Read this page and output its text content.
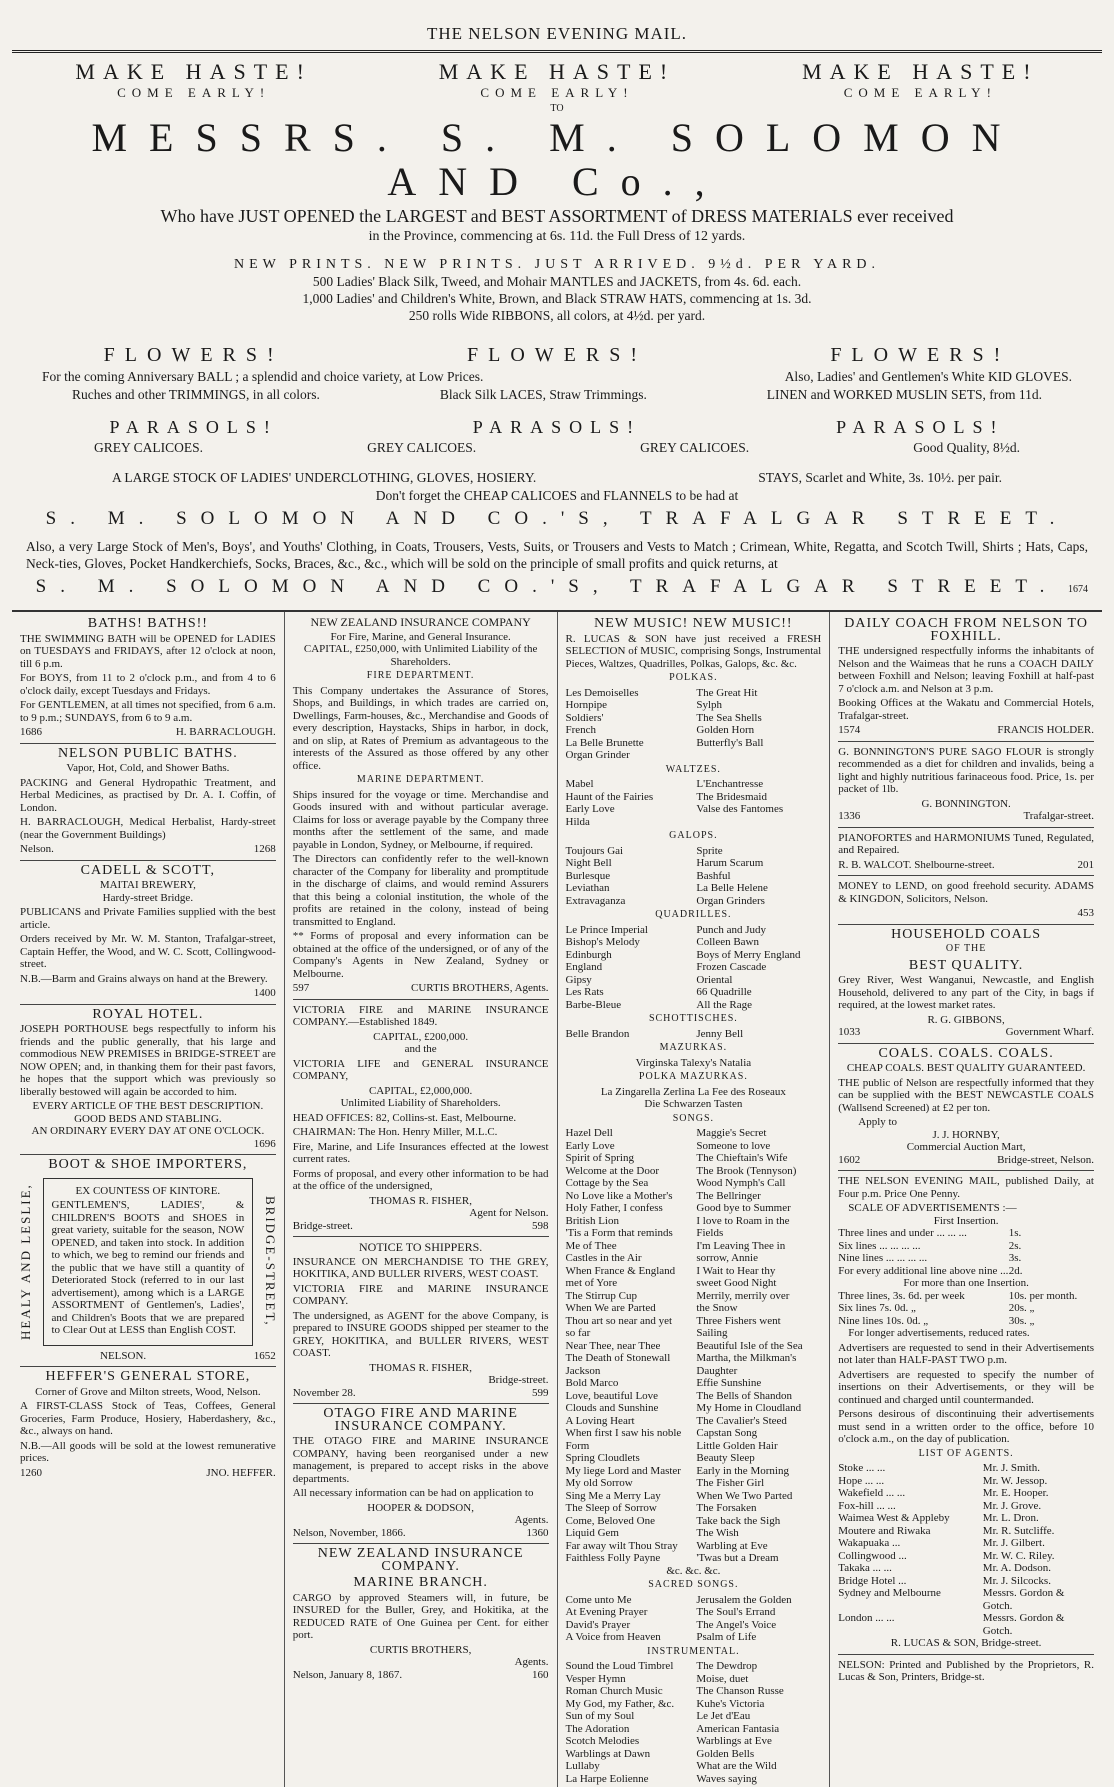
THE NELSON EVENING MAIL.
MAKE HASTE!	MAKE HASTE!	MAKE HASTE!
COME EARLY!	COME EARLY!	COME EARLY!
TO
MESSRS. S. M. SOLOMON AND Co.,
Who have JUST OPENED the LARGEST and BEST ASSORTMENT of DRESS MATERIALS ever received
in the Province, commencing at 6s. 11d. the Full Dress of 12 yards.
NEW PRINTS. NEW PRINTS. JUST ARRIVED. 9½d. PER YARD.
500 Ladies' Black Silk, Tweed, and Mohair MANTLES and JACKETS, from 4s. 6d. each.
1,000 Ladies' and Children's White, Brown, and Black STRAW HATS, commencing at 1s. 3d.
250 rolls Wide RIBBONS, all colors, at 4½d. per yard.
FLOWERS!	FLOWERS!	FLOWERS!
For the coming Anniversary BALL ; a splendid and choice variety, at Low Prices.	Also, Ladies' and Gentlemen's White KID GLOVES.
Ruches and other TRIMMINGS, in all colors.	Black Silk LACES, Straw Trimmings.	LINEN and WORKED MUSLIN SETS, from 11d.
PARASOLS!	PARASOLS!	PARASOLS!
GREY CALICOES.	GREY CALICOES.	GREY CALICOES.	Good Quality, 8½d.
A LARGE STOCK OF LADIES' UNDERCLOTHING, GLOVES, HOSIERY.	STAYS, Scarlet and White, 3s. 10½. per pair.
Don't forget the CHEAP CALICOES and FLANNELS to be had at
S. M. SOLOMON AND CO.'S, TRAFALGAR STREET.
Also, a very Large Stock of Men's, Boys', and Youths' Clothing, in Coats, Trousers, Vests, Suits, or Trousers and Vests to Match ; Crimean, White, Regatta, and Scotch Twill, Shirts ; Hats, Caps, Neck-ties, Gloves, Pocket Handkerchiefs, Socks, Braces, &c., &c., which will be sold on the principle of small profits and quick returns, at
S. M. SOLOMON AND CO.'S, TRAFALGAR STREET. 1674
BATHS! BATHS!!

THE SWIMMING BATH will be OPENED for LADIES on TUESDAYS and FRIDAYS, after 12 o'clock at noon, till 6 p.m.

For BOYS, from 11 to 2 o'clock p.m., and from 4 to 6 o'clock daily, except Tuesdays and Fridays.

For GENTLEMEN, at all times not specified, from 6 a.m. to 9 p.m.; SUNDAYS, from 6 to 9 a.m.

1686	H. BARRACLOUGH.
NELSON PUBLIC BATHS.
Vapor, Hot, Cold, and Shower Baths.

PACKING and General Hydropathic Treatment, and Herbal Medicines, as practised by Dr. A. I. Coffin, of London.

H. BARRACLOUGH, Medical Herbalist, Hardy-street (near the Government Buildings)

Nelson.	1268
CADELL & SCOTT,
MAITAI BREWERY,
Hardy-street Bridge.

PUBLICANS and Private Families supplied with the best article.

Orders received by Mr. W. M. Stanton, Trafalgar-street, Captain Heffer, the Wood, and W. C. Scott, Collingwood-street.

N.B.—Barm and Grains always on hand at the Brewery.

1400
ROYAL HOTEL.

JOSEPH PORTHOUSE begs respectfully to inform his friends and the public generally, that his large and commodious NEW PREMISES in BRIDGE-STREET are NOW OPEN; and, in thanking them for their past favors, he hopes that the support which was previously so liberally bestowed will again be accorded to him.

EVERY ARTICLE OF THE BEST DESCRIPTION.
GOOD BEDS AND STABLING.
AN ORDINARY EVERY DAY AT ONE O'CLOCK.
1696
BOOT & SHOE IMPORTERS,
HEALY AND LESLIE,	EX COUNTESS OF KINTORE.

GENTLEMEN'S, LADIES', & CHILDREN'S BOOTS and SHOES in great variety, suitable for the season, NOW OPENED, and taken into stock. In addition to which, we beg to remind our friends and the public that we have still a quantity of Deteriorated Stock (referred to in our last advertisement), among which is a LARGE ASSORTMENT of Gentlemen's, Ladies', and Children's Boots that we are prepared to Clear Out at LESS than English COST.

BRIDGE-STREET,
NELSON.	1652
HEFFER'S GENERAL STORE,
Corner of Grove and Milton streets, Wood, Nelson.

A FIRST-CLASS Stock of Teas, Coffees, General Groceries, Farm Produce, Hosiery, Haberdashery, &c., &c., always on hand.

N.B.—All goods will be sold at the lowest remunerative prices.

1260	JNO. HEFFER.
NEW ZEALAND INSURANCE COMPANY
For Fire, Marine, and General Insurance.
CAPITAL, £250,000, with Unlimited Liability of the Shareholders.
FIRE DEPARTMENT.

This Company undertakes the Assurance of Stores, Shops, and Buildings, in which trades are carried on, Dwellings, Farm-houses, &c., Merchandise and Goods of every description, Haystacks, Ships in harbor, in dock, and on slip, at Rates of Premium as advantageous to the interests of the Assured as those offered by any other office.

MARINE DEPARTMENT.

Ships insured for the voyage or time. Merchandise and Goods insured with and without particular average. Claims for loss or average payable by the Company three months after the settlement of the same, and made payable in London, Sydney, or Melbourne, if required.

The Directors can confidently refer to the well-known character of the Company for liberality and promptitude in the discharge of claims, and would remind Assurers that this being a colonial institution, the whole of the profits are retained in the colony, instead of being transmitted to England.

** Forms of proposal and every information can be obtained at the office of the undersigned, or of any of the Company's Agents in New Zealand, Sydney or Melbourne.

597	CURTIS BROTHERS, Agents.

VICTORIA FIRE and MARINE INSURANCE COMPANY.—Established 1849.

CAPITAL, £200,000.
and the

VICTORIA LIFE and GENERAL INSURANCE COMPANY,

CAPITAL, £2,000,000.
Unlimited Liability of Shareholders.

HEAD OFFICES: 82, Collins-st. East, Melbourne.

CHAIRMAN: The Hon. Henry Miller, M.L.C.

Fire, Marine, and Life Insurances effected at the lowest current rates.

Forms of proposal, and every other information to be had at the office of the undersigned,

THOMAS R. FISHER,
Agent for Nelson.
Bridge-street.	598
NOTICE TO SHIPPERS.

INSURANCE ON MERCHANDISE TO THE GREY, HOKITIKA, AND BULLER RIVERS, WEST COAST.

VICTORIA FIRE and MARINE INSURANCE COMPANY.

The undersigned, as AGENT for the above Company, is prepared to INSURE GOODS shipped per steamer to the GREY, HOKITIKA, and BULLER RIVERS, WEST COAST.

THOMAS R. FISHER,
Bridge-street.
November 28.	599
OTAGO FIRE AND MARINE INSURANCE COMPANY.

THE OTAGO FIRE and MARINE INSURANCE COMPANY, having been reorganised under a new management, is prepared to accept risks in the above departments.

All necessary information can be had on application to

HOOPER & DODSON,
Agents.
Nelson, November, 1866.	1360
NEW ZEALAND INSURANCE COMPANY.
MARINE BRANCH.

CARGO by approved Steamers will, in future, be INSURED for the Buller, Grey, and Hokitika, at the REDUCED RATE of One Guinea per Cent. for either port.

CURTIS BROTHERS,
Agents.
Nelson, January 8, 1867.	160
NEW MUSIC! NEW MUSIC!!

R. LUCAS & SON have just received a FRESH SELECTION of MUSIC, comprising Songs, Instrumental Pieces, Waltzes, Quadrilles, Polkas, Galops, &c. &c.

POLKAS.
Les Demoiselles	The Great Hit
Hornpipe	Sylph
Soldiers'	The Sea Shells
French	Golden Horn
La Belle Brunette	Butterfly's Ball
Organ Grinder
WALTZES.
Mabel	L'Enchantresse
Haunt of the Fairies	The Bridesmaid
Early Love	Valse des Fantomes
Hilda
GALOPS.
Toujours Gai	Sprite
Night Bell	Harum Scarum
Burlesque	Bashful
Leviathan	La Belle Helene
Extravaganza	Organ Grinders
QUADRILLES.
Le Prince Imperial	Punch and Judy
Bishop's Melody	Colleen Bawn
Edinburgh	Boys of Merry England
England	Frozen Cascade
Gipsy	Oriental
Les Rats	66 Quadrille
Barbe-Bleue	All the Rage
SCHOTTISCHES.
Belle Brandon	Jenny Bell
MAZURKAS.
Virginska Talexy's Natalia
POLKA MAZURKAS.
La Zingarella Zerlina La Fee des Roseaux
Die Schwarzen Tasten
SONGS.
Hazel Dell	Maggie's Secret
Early Love	Someone to love
Spirit of Spring	The Chieftain's Wife
Welcome at the Door	The Brook (Tennyson)
Cottage by the Sea	Wood Nymph's Call
No Love like a Mother's	The Bellringer
Holy Father, I confess	Good bye to Summer
British Lion	I love to Roam in the
'Tis a Form that reminds	Fields
Me of Thee	I'm Leaving Thee in
Castles in the Air	sorrow, Annie
When France & England	I Wait to Hear thy
met of Yore	sweet Good Night
The Stirrup Cup	Merrily, merrily over
When We are Parted	the Snow
Thou art so near and yet	Three Fishers went
so far	Sailing
Near Thee, near Thee	Beautiful Isle of the Sea
The Death of Stonewall	Martha, the Milkman's
Jackson	Daughter
Bold Marco	Effie Sunshine
Love, beautiful Love	The Bells of Shandon
Clouds and Sunshine	My Home in Cloudland
A Loving Heart	The Cavalier's Steed
When first I saw his noble	Capstan Song
Form	Little Golden Hair
Spring Cloudlets	Beauty Sleep
My liege Lord and Master	Early in the Morning
My old Sorrow	The Fisher Girl
Sing Me a Merry Lay	When We Two Parted
The Sleep of Sorrow	The Forsaken
Come, Beloved One	Take back the Sigh
Liquid Gem	The Wish
Far away wilt Thou Stray	Warbling at Eve
Faithless Folly Payne	'Twas but a Dream
&c. &c. &c.
SACRED SONGS.
Come unto Me	Jerusalem the Golden
At Evening Prayer	The Soul's Errand
David's Prayer	The Angel's Voice
A Voice from Heaven	Psalm of Life
INSTRUMENTAL.
Sound the Loud Timbrel	The Dewdrop
Vesper Hymn	Moise, duet
Roman Church Music	The Chanson Russe
My God, my Father, &c.	Kuhe's Victoria
Sun of my Soul	Le Jet d'Eau
The Adoration	American Fantasia
Scotch Melodies	Warblings at Eve
Warblings at Dawn	Golden Bells
Lullaby	What are the Wild
La Harpe Eolienne	Waves saying
DAILY COACH FROM NELSON TO FOXHILL.

THE undersigned respectfully informs the inhabitants of Nelson and the Waimeas that he runs a COACH DAILY between Foxhill and Nelson; leaving Foxhill at half-past 7 o'clock a.m. and Nelson at 3 p.m.

Booking Offices at the Wakatu and Commercial Hotels, Trafalgar-street.

1574	FRANCIS HOLDER.

G. BONNINGTON'S PURE SAGO FLOUR is strongly recommended as a diet for children and invalids, being a light and highly nutritious farinaceous food. Price, 1s. per packet of 1lb.

G. BONNINGTON.
1336	Trafalgar-street.

PIANOFORTES and HARMONIUMS Tuned, Regulated, and Repaired.

R. B. WALCOT. Shelbourne-street.	201

MONEY to LEND, on good freehold security. ADAMS & KINGDON, Solicitors, Nelson.

453
HOUSEHOLD COALS
OF THE
BEST QUALITY.

Grey River, West Wanganui, Newcastle, and English Household, delivered to any part of the City, in bags if required, at the lowest market rates.

R. G. GIBBONS,
1033	Government Wharf.
COALS. COALS. COALS.
CHEAP COALS. BEST QUALITY GUARANTEED.

THE public of Nelson are respectfully informed that they can be supplied with the BEST NEWCASTLE COALS (Wallsend Screened) at £2 per ton.

Apply to
J. J. HORNBY,
Commercial Auction Mart,
1602	Bridge-street, Nelson.

THE NELSON EVENING MAIL, published Daily, at Four p.m. Price One Penny.

SCALE OF ADVERTISEMENTS :—
First Insertion.
Three lines and under ... ... ...	1s.
Six lines ... ... ... ...	2s.
Nine lines ... ... ... ...	3s.
For every additional line above nine ... 2d.
For more than one Insertion.
Three lines, 3s. 6d. per week	10s. per month.
Six lines 7s. 0d. „	20s. „
Nine lines 10s. 0d. „	30s. „
For longer advertisements, reduced rates.

Advertisers are requested to send in their Advertisements not later than HALF-PAST TWO p.m.

Advertisers are requested to specify the number of insertions on their Advertisements, or they will be continued and charged until countermanded.

Persons desirous of discontinuing their advertisements must send in a written order to the office, before 10 o'clock a.m., on the day of publication.

LIST OF AGENTS.
Stoke ... ...	Mr. J. Smith.
Hope ... ...	Mr. W. Jessop.
Wakefield ... ...	Mr. E. Hooper.
Fox-hill ... ...	Mr. J. Grove.
Waimea West & Appleby	Mr. L. Dron.
Moutere and Riwaka	Mr. R. Sutcliffe.
Wakapuaka ...	Mr. J. Gilbert.
Collingwood ...	Mr. W. C. Riley.
Takaka ... ...	Mr. A. Dodson.
Bridge Hotel ...	Mr. J. Silcocks.
Sydney and Melbourne	Messrs. Gordon & Gotch.
London ... ...	Messrs. Gordon & Gotch.
R. LUCAS & SON, Bridge-street.

NELSON: Printed and Published by the Proprietors, R. Lucas & Son, Printers, Bridge-st.
